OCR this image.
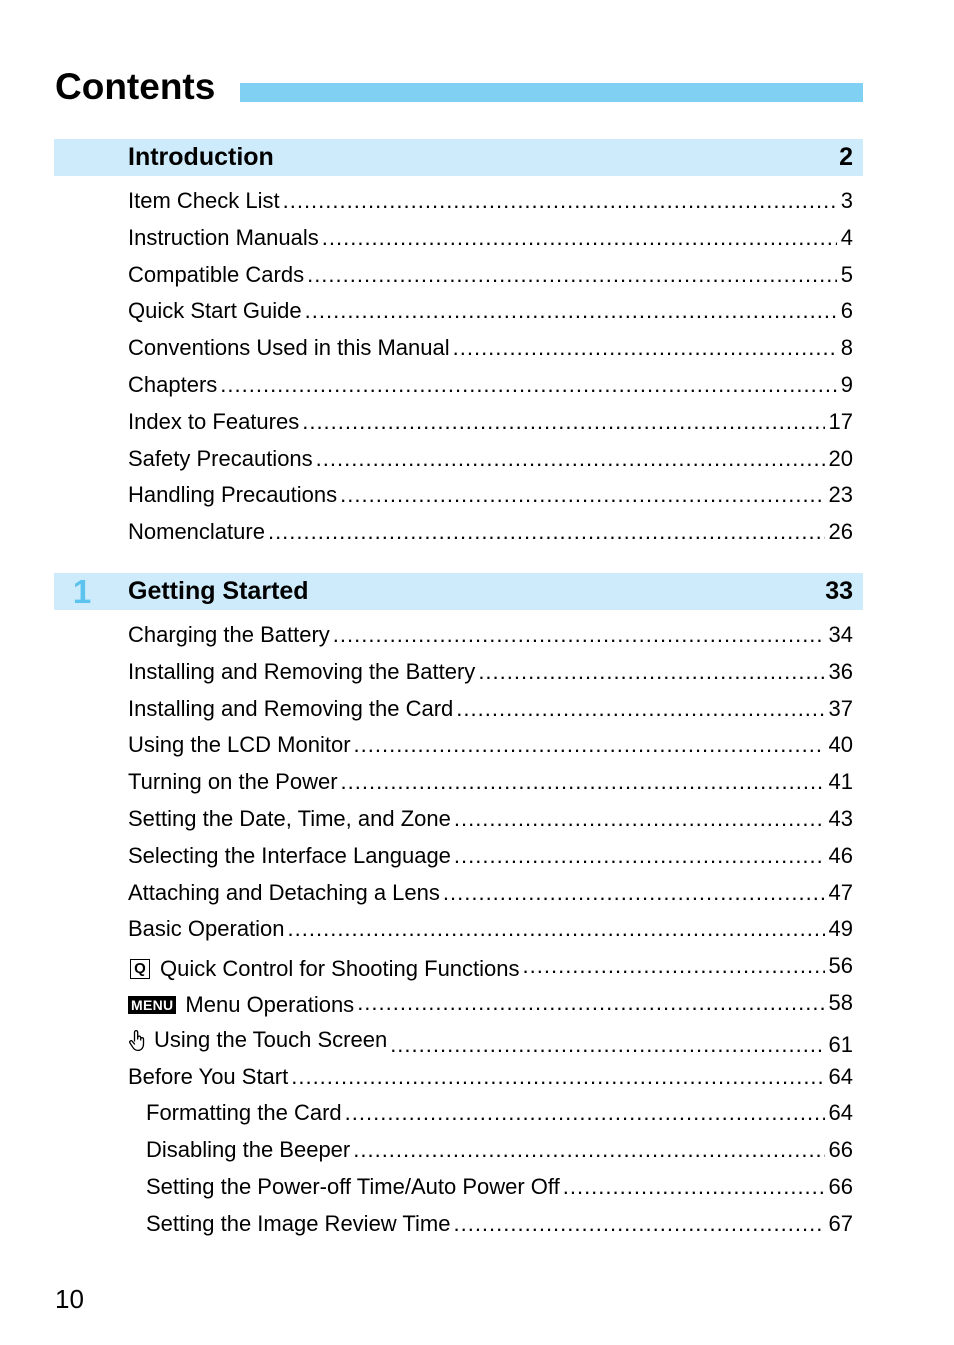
Contents
Introduction	2
Item Check List .....	3
Instruction Manuals .....	4
Compatible Cards .....	5
Quick Start Guide .....	6
Conventions Used in this Manual .....	8
Chapters .....	9
Index to Features .....	17
Safety Precautions .....	20
Handling Precautions .....	23
Nomenclature .....	26
1 Getting Started	33
Charging the Battery .....	34
Installing and Removing the Battery .....	36
Installing and Removing the Card .....	37
Using the LCD Monitor .....	40
Turning on the Power .....	41
Setting the Date, Time, and Zone .....	43
Selecting the Interface Language .....	46
Attaching and Detaching a Lens .....	47
Basic Operation .....	49
Q Quick Control for Shooting Functions .....	56
MENU Menu Operations .....	58
Using the Touch Screen .....	61
Before You Start .....	64
Formatting the Card .....	64
Disabling the Beeper .....	66
Setting the Power-off Time/Auto Power Off .....	66
Setting the Image Review Time .....	67
10
